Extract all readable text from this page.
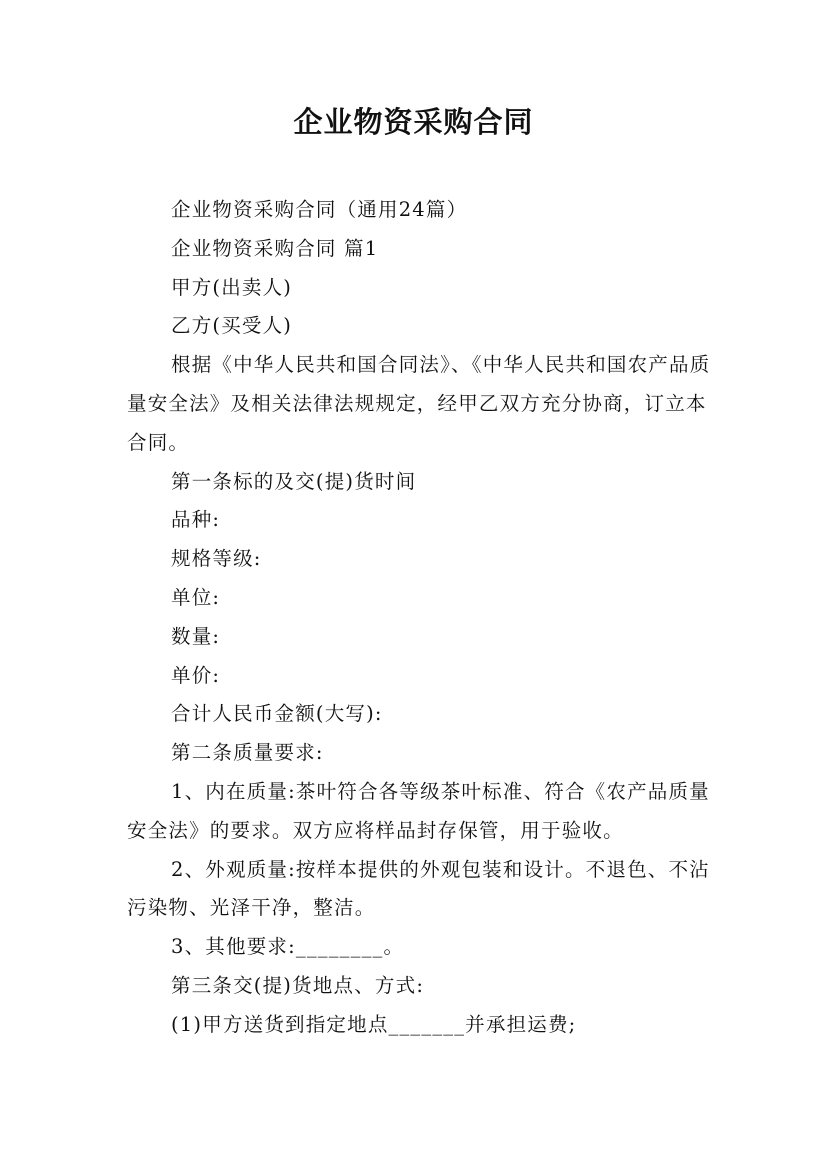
企业物资采购合同

企业物资采购合同（通用24篇）

企业物资采购合同 篇1

甲方(出卖人)

乙方(买受人)

根据《中华人民共和国合同法》、《中华人民共和国农产品质量安全法》及相关法律法规规定，经甲乙双方充分协商，订立本合同。

第一条标的及交(提)货时间

品种:

规格等级:

单位:

数量:

单价:

合计人民币金额(大写):

第二条质量要求:

1、内在质量:茶叶符合各等级茶叶标准、符合《农产品质量安全法》的要求。双方应将样品封存保管，用于验收。

2、外观质量:按样本提供的外观包装和设计。不退色、不沾污染物、光泽干净，整洁。

3、其他要求:________。

第三条交(提)货地点、方式:

(1)甲方送货到指定地点_______并承担运费;
